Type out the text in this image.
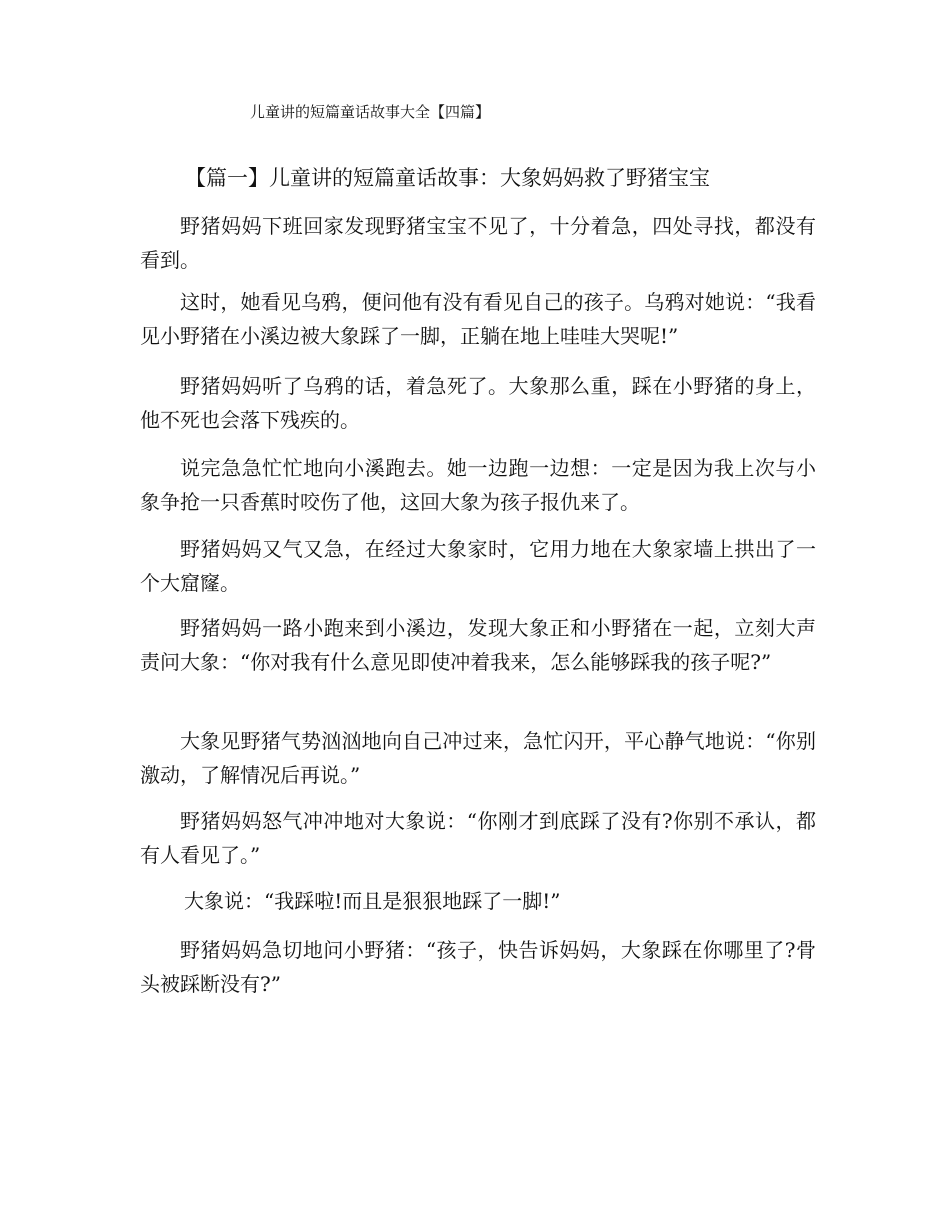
儿童讲的短篇童话故事大全【四篇】
【篇一】儿童讲的短篇童话故事：大象妈妈救了野猪宝宝

野猪妈妈下班回家发现野猪宝宝不见了，十分着急，四处寻找，都没有看到。

这时，她看见乌鸦，便问他有没有看见自己的孩子。乌鸦对她说：“我看见小野猪在小溪边被大象踩了一脚，正躺在地上哇哇大哭呢!”

野猪妈妈听了乌鸦的话，着急死了。大象那么重，踩在小野猪的身上，他不死也会落下残疾的。

说完急急忙忙地向小溪跑去。她一边跑一边想：一定是因为我上次与小象争抢一只香蕉时咬伤了他，这回大象为孩子报仇来了。

野猪妈妈又气又急，在经过大象家时，它用力地在大象家墙上拱出了一个大窟窿。

野猪妈妈一路小跑来到小溪边，发现大象正和小野猪在一起，立刻大声责问大象：“你对我有什么意见即使冲着我来，怎么能够踩我的孩子呢?”

大象见野猪气势汹汹地向自己冲过来，急忙闪开，平心静气地说：“你别激动，了解情况后再说。”

野猪妈妈怒气冲冲地对大象说：“你刚才到底踩了没有?你别不承认，都有人看见了。”

大象说：“我踩啦!而且是狠狠地踩了一脚!”

野猪妈妈急切地问小野猪：“孩子，快告诉妈妈，大象踩在你哪里了?骨头被踩断没有?”
